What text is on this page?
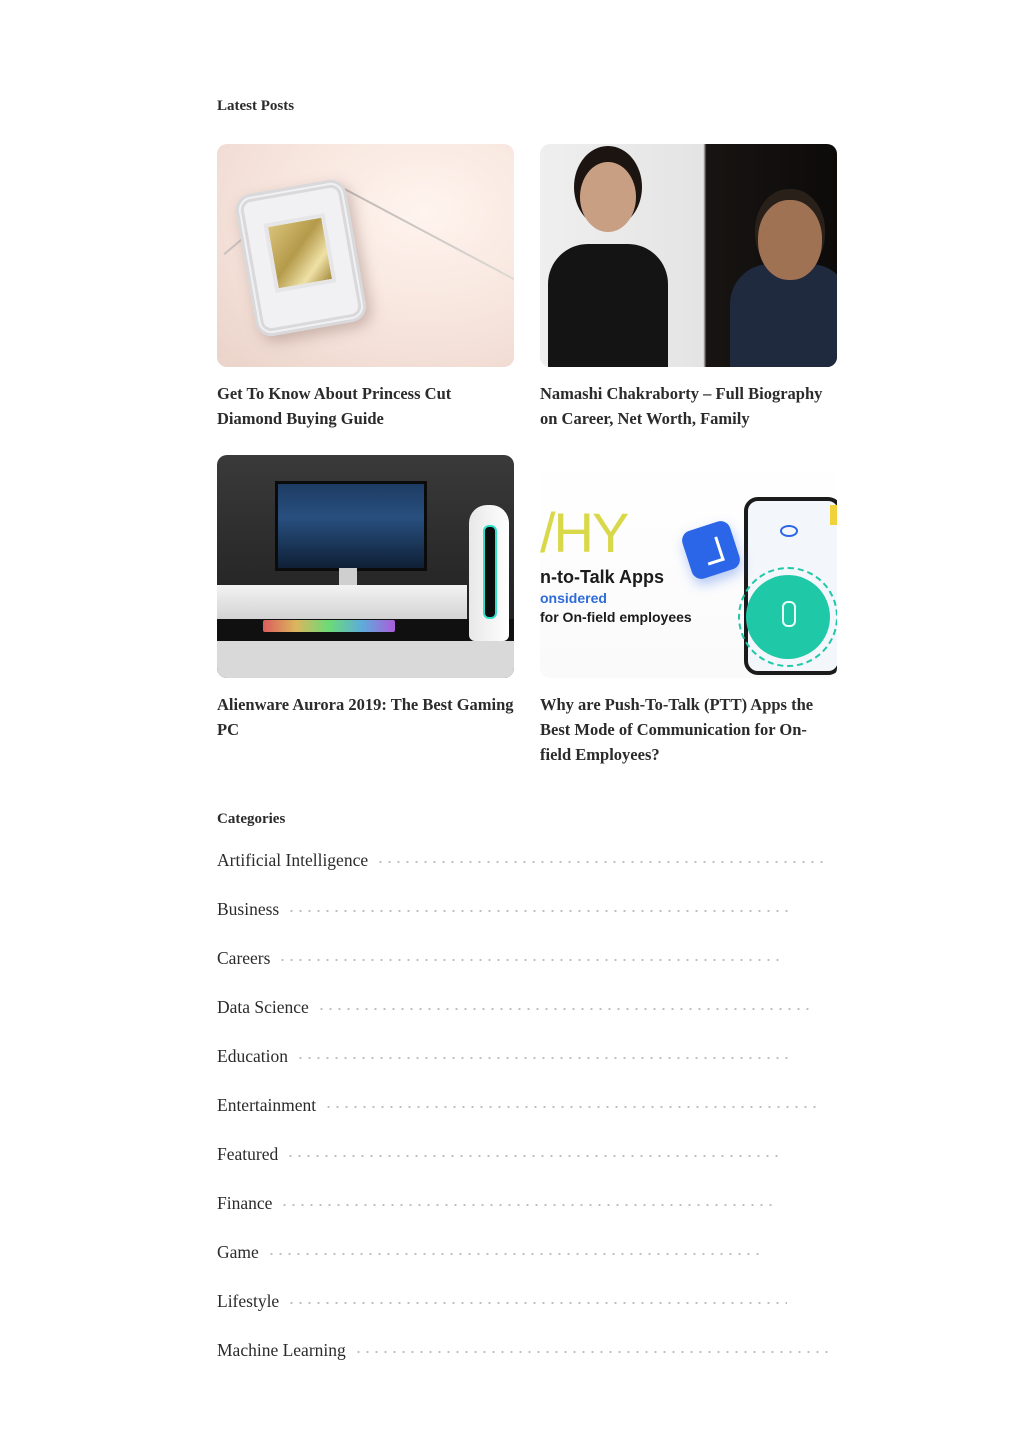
Latest Posts
Get To Know About Princess Cut Diamond Buying Guide
Namashi Chakraborty – Full Biography on Career, Net Worth, Family
Alienware Aurora 2019: The Best Gaming PC
/HY
n-to-Talk Apps
onsidered
for On-field employees
Why are Push-To-Talk (PTT) Apps the Best Mode of Communication for On-field Employees?
Categories
Artificial Intelligence
Business
Careers
Data Science
Education
Entertainment
Featured
Finance
Game
Lifestyle
Machine Learning
